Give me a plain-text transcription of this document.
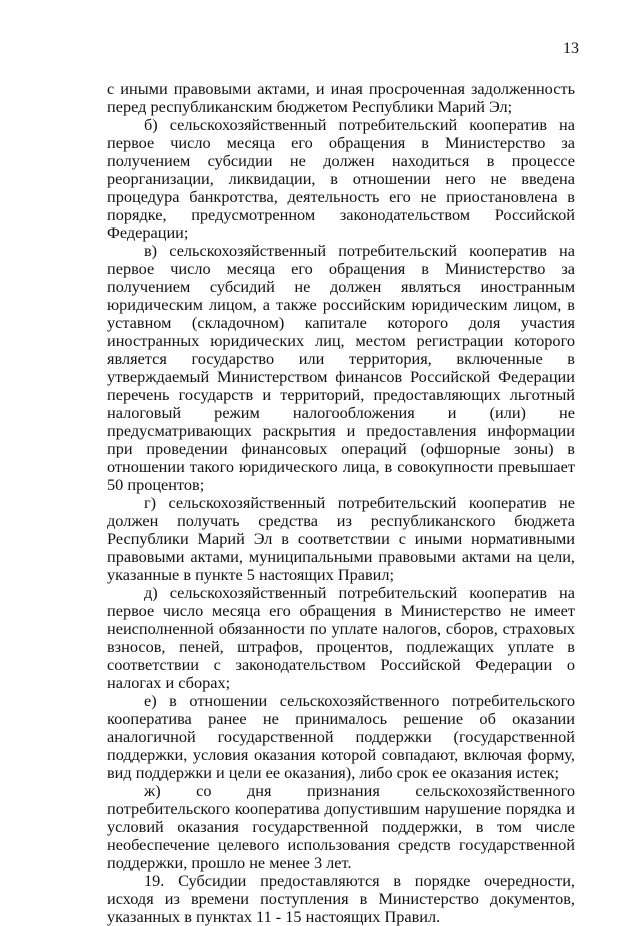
13

с иными правовыми актами, и иная просроченная задолженность перед республиканским бюджетом Республики Марий Эл;

б) сельскохозяйственный потребительский кооператив на первое число месяца его обращения в Министерство за получением субсидии не должен находиться в процессе реорганизации, ликвидации, в отношении него не введена процедура банкротства, деятельность его не приостановлена в порядке, предусмотренном законодательством Российской Федерации;

в) сельскохозяйственный потребительский кооператив на первое число месяца его обращения в Министерство за получением субсидий не должен являться иностранным юридическим лицом, а также российским юридическим лицом, в уставном (складочном) капитале которого доля участия иностранных юридических лиц, местом регистрации которого является государство или территория, включенные в утверждаемый Министерством финансов Российской Федерации перечень государств и территорий, предоставляющих льготный налоговый режим налогообложения и (или) не предусматривающих раскрытия и предоставления информации при проведении финансовых операций (офшорные зоны) в отношении такого юридического лица, в совокупности превышает 50 процентов;

г) сельскохозяйственный потребительский кооператив не должен получать средства из республиканского бюджета Республики Марий Эл в соответствии с иными нормативными правовыми актами, муниципальными правовыми актами на цели, указанные в пункте 5 настоящих Правил;

д) сельскохозяйственный потребительский кооператив на первое число месяца его обращения в Министерство не имеет неисполненной обязанности по уплате налогов, сборов, страховых взносов, пеней, штрафов, процентов, подлежащих уплате в соответствии с законодательством Российской Федерации о налогах и сборах;

е) в отношении сельскохозяйственного потребительского кооператива ранее не принималось решение об оказании аналогичной государственной поддержки (государственной поддержки, условия оказания которой совпадают, включая форму, вид поддержки и цели ее оказания), либо срок ее оказания истек;

ж) со дня признания сельскохозяйственного потребительского кооператива допустившим нарушение порядка и условий оказания государственной поддержки, в том числе необеспечение целевого использования средств государственной поддержки, прошло не менее 3 лет.

19. Субсидии предоставляются в порядке очередности, исходя из времени поступления в Министерство документов, указанных в пунктах 11 - 15 настоящих Правил.
